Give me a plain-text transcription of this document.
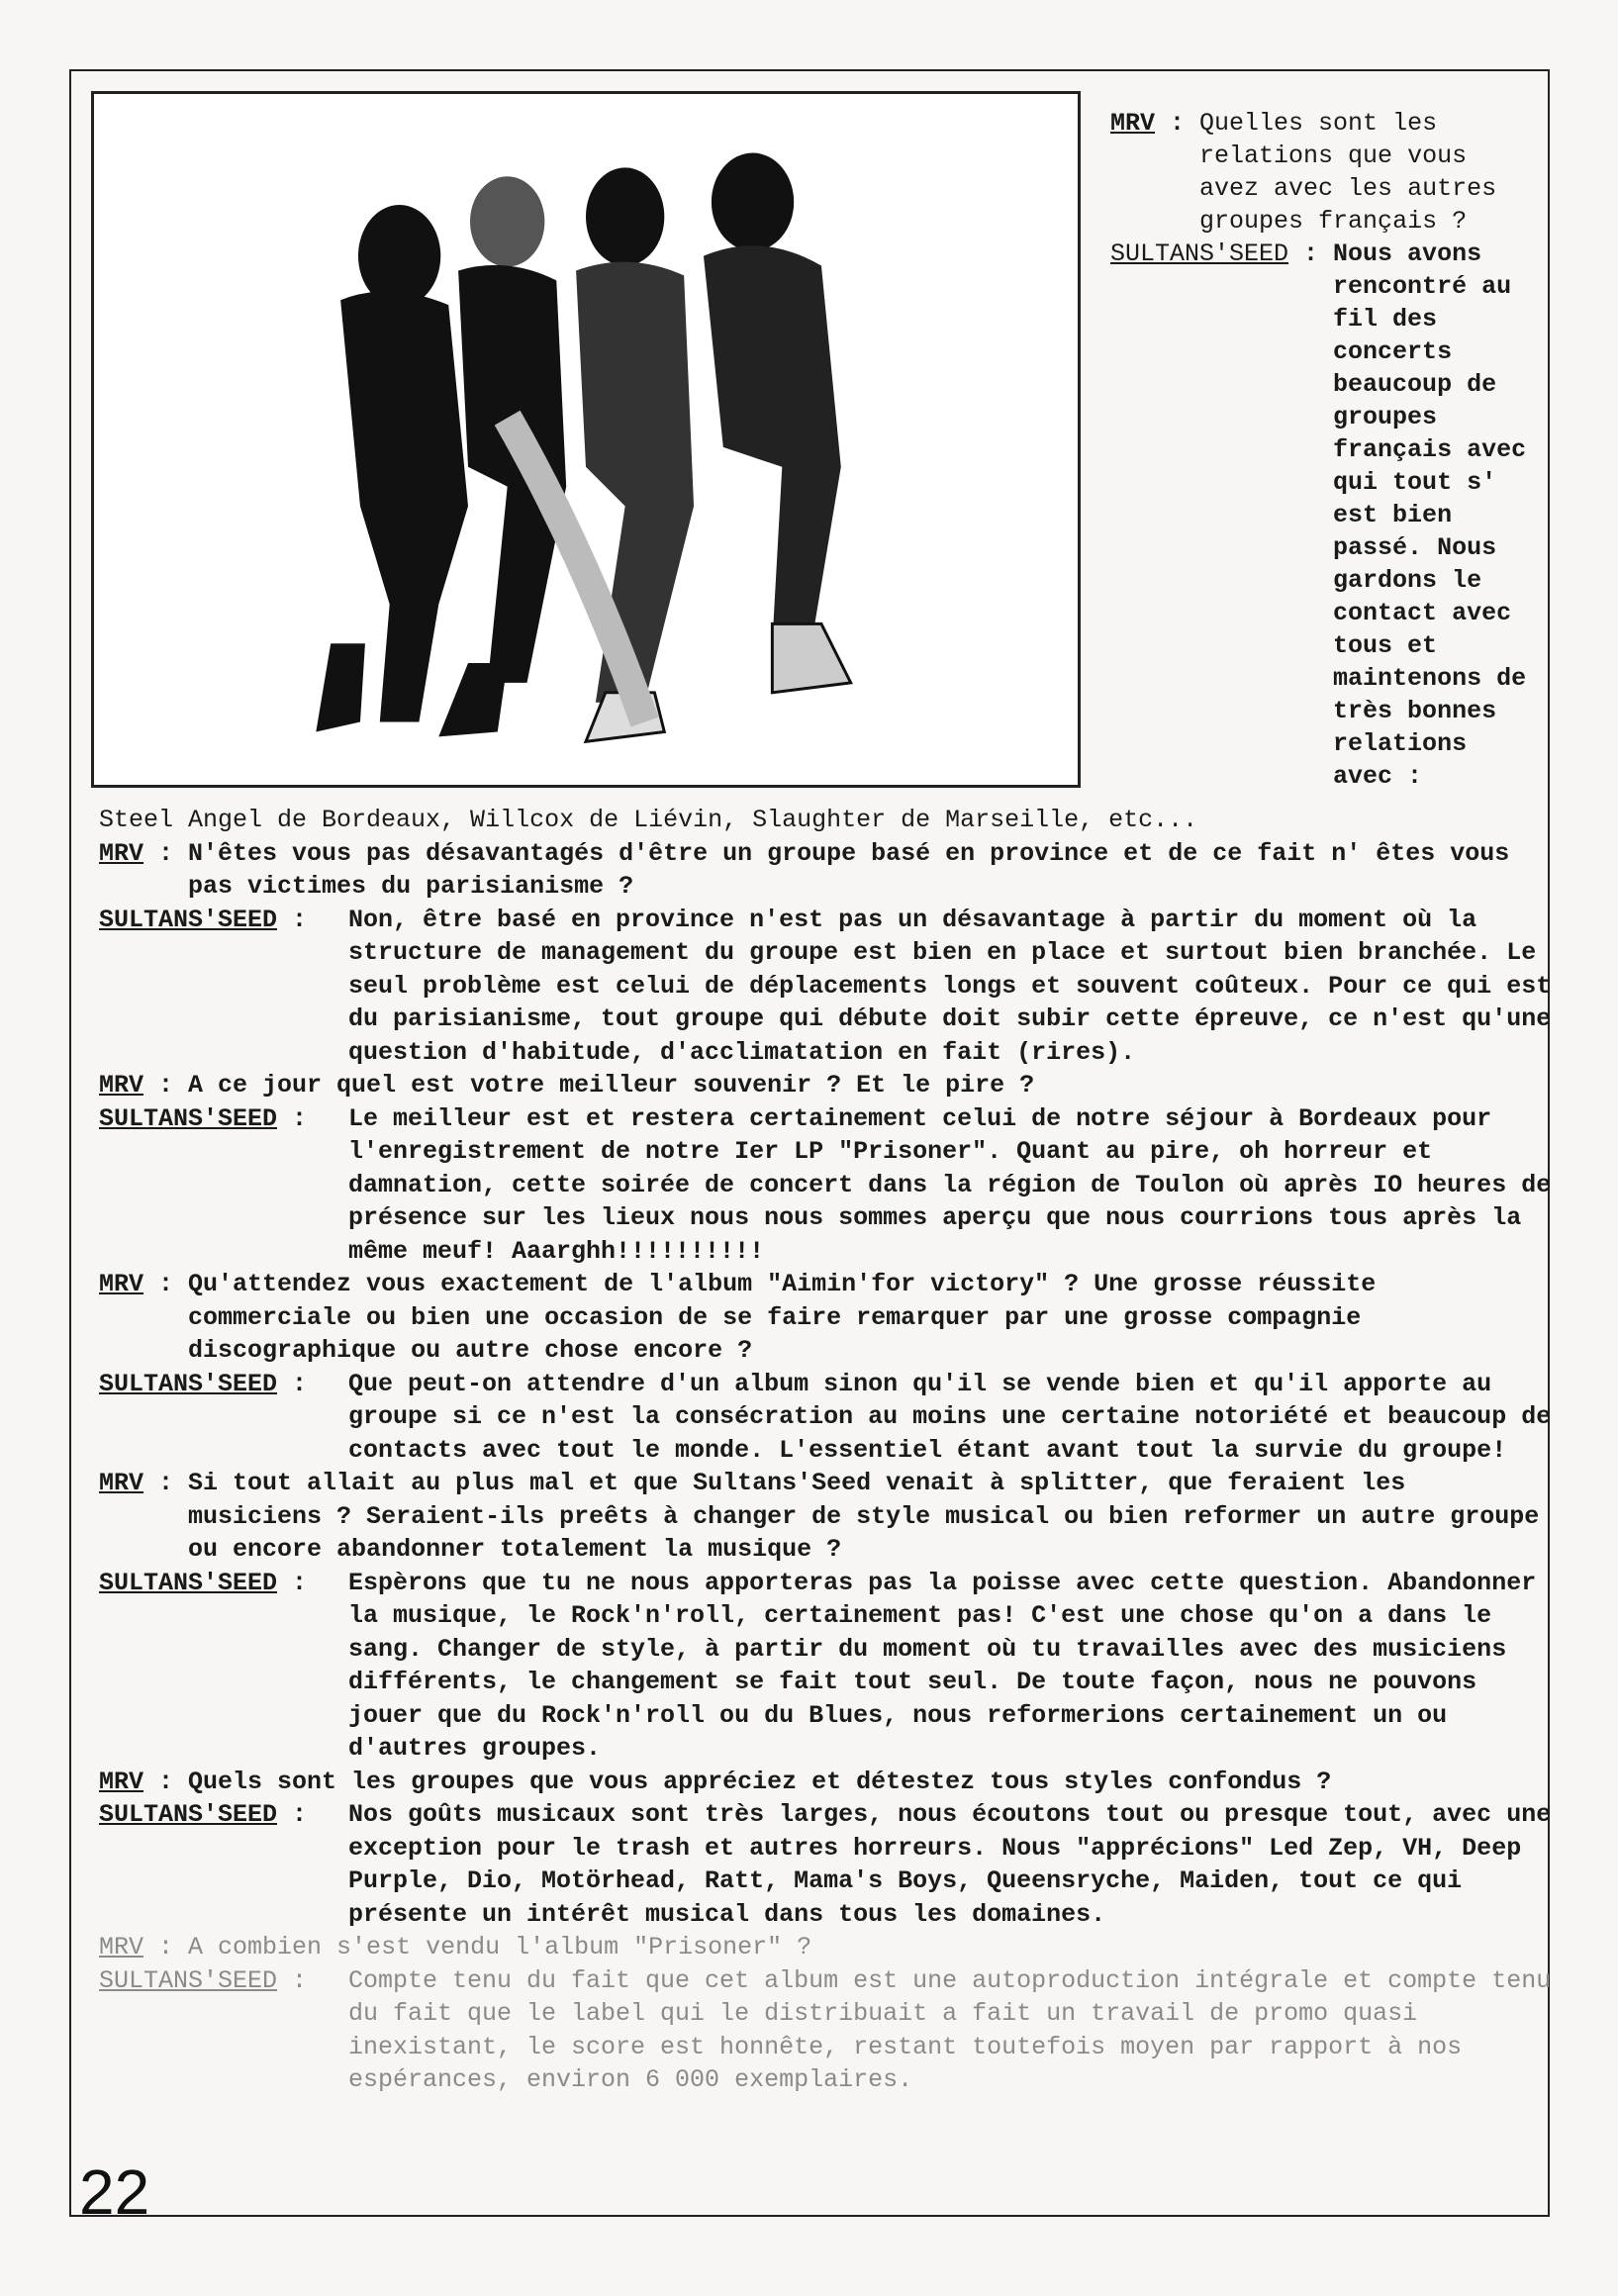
MRV : Quelles sont les relations que vous avez avec les autres groupes français ?
SULTANS'SEED : Nous avons rencontré au fil des concerts beaucoup de groupes français avec qui tout s' est bien passé. Nous gardons le contact avec tous et maintenons de très bonnes relations avec :
Steel Angel de Bordeaux, Willcox de Liévin, Slaughter de Marseille, etc...
MRV : N'êtes vous pas désavantagés d'être un groupe basé en province et de ce fait n' êtes vous pas victimes du parisianisme ?
SULTANS'SEED : Non, être basé en province n'est pas un désavantage à partir du moment où la structure de management du groupe est bien en place et surtout bien branchée. Le seul problème est celui de déplacements longs et souvent coûteux. Pour ce qui est du parisianisme, tout groupe qui débute doit subir cette épreuve, ce n'est qu'une question d'habitude, d'acclimatation en fait (rires).
MRV : A ce jour quel est votre meilleur souvenir ? Et le pire ?
SULTANS'SEED : Le meilleur est et restera certainement celui de notre séjour à Bordeaux pour l'enregistrement de notre Ier LP "Prisoner". Quant au pire, oh horreur et damnation, cette soirée de concert dans la région de Toulon où après IO heures de présence sur les lieux nous nous sommes aperçu que nous courrions tous après la même meuf! Aaarghh!!!!!!!!!!
MRV : Qu'attendez vous exactement de l'album "Aimin'for victory" ? Une grosse réussite commerciale ou bien une occasion de se faire remarquer par une grosse compagnie discographique ou autre chose encore ?
SULTANS'SEED : Que peut-on attendre d'un album sinon qu'il se vende bien et qu'il apporte au groupe si ce n'est la consécration au moins une certaine notoriété et beaucoup de contacts avec tout le monde. L'essentiel étant avant tout la survie du groupe!
MRV : Si tout allait au plus mal et que Sultans'Seed venait à splitter, que feraient les musiciens ? Seraient-ils preêts à changer de style musical ou bien reformer un autre groupe ou encore abandonner totalement la musique ?
SULTANS'SEED : Espèrons que tu ne nous apporteras pas la poisse avec cette question. Abandonner la musique, le Rock'n'roll, certainement pas! C'est une chose qu'on a dans le sang. Changer de style, à partir du moment où tu travailles avec des musiciens différents, le changement se fait tout seul. De toute façon, nous ne pouvons jouer que du Rock'n'roll ou du Blues, nous reformerions certainement un ou d'autres groupes.
MRV : Quels sont les groupes que vous appréciez et détestez tous styles confondus ?
SULTANS'SEED : Nos goûts musicaux sont très larges, nous écoutons tout ou presque tout, avec une exception pour le trash et autres horreurs. Nous "apprécions" Led Zep, VH, Deep Purple, Dio, Motörhead, Ratt, Mama's Boys, Queensryche, Maiden, tout ce qui présente un intérêt musical dans tous les domaines.
MRV : A combien s'est vendu l'album "Prisoner" ?
SULTANS'SEED : Compte tenu du fait que cet album est une autoproduction intégrale et compte tenu du fait que le label qui le distribuait a fait un travail de promo quasi inexistant, le score est honnête, restant toutefois moyen par rapport à nos espérances, environ 6 000 exemplaires.
22
